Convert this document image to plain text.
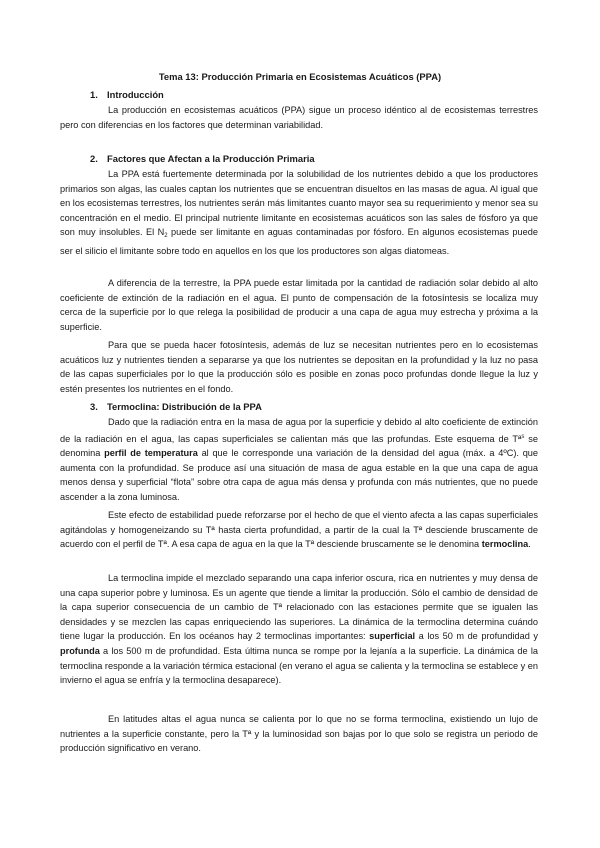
Tema 13: Producción Primaria en Ecosistemas Acuáticos (PPA)
1. Introducción
La producción en ecosistemas acuáticos (PPA) sigue un proceso idéntico al de ecosistemas terrestres pero con diferencias en los factores que determinan variabilidad.
2. Factores que Afectan a la Producción Primaria
La PPA está fuertemente determinada por la solubilidad de los nutrientes debido a que los productores primarios son algas, las cuales captan los nutrientes que se encuentran disueltos en las masas de agua. Al igual que en los ecosistemas terrestres, los nutrientes serán más limitantes cuanto mayor sea su requerimiento y menor sea su concentración en el medio. El principal nutriente limitante en ecosistemas acuáticos son las sales de fósforo ya que son muy insolubles. El $N_2$ puede ser limitante en aguas contaminadas por fósforo. En algunos ecosistemas puede ser el silicio el limitante sobre todo en aquellos en los que los productores son algas diatomeas.
A diferencia de la terrestre, la PPA puede estar limitada por la cantidad de radiación solar debido al alto coeficiente de extinción de la radiación en el agua. El punto de compensación de la fotosíntesis se localiza muy cerca de la superficie por lo que relega la posibilidad de producir a una capa de agua muy estrecha y próxima a la superficie.
Para que se pueda hacer fotosíntesis, además de luz se necesitan nutrientes pero en lo ecosistemas acuáticos luz y nutrientes tienden a separarse ya que los nutrientes se depositan en la profundidad y la luz no pasa de las capas superficiales por lo que la producción sólo es posible en zonas poco profundas donde llegue la luz y estén presentes los nutrientes en el fondo.
3. Termoclina: Distribución de la PPA
Dado que la radiación entra en la masa de agua por la superficie y debido al alto coeficiente de extinción de la radiación en el agua, las capas superficiales se calientan más que las profundas. Este esquema de Tª$^s$ se denomina perfil de temperatura al que le corresponde una variación de la densidad del agua (máx. a 4ºC). que aumenta con la profundidad. Se produce así una situación de masa de agua estable en la que una capa de agua menos densa y superficial “flota” sobre otra capa de agua más densa y profunda con más nutrientes, que no puede ascender a la zona luminosa.
Este efecto de estabilidad puede reforzarse por el hecho de que el viento afecta a las capas superficiales agitándolas y homogeneizando su Tª hasta cierta profundidad, a partir de la cual la Tª desciende bruscamente de acuerdo con el perfil de Tª. A esa capa de agua en la que la Tª desciende bruscamente se le denomina termoclina.
La termoclina impide el mezclado separando una capa inferior oscura, rica en nutrientes y muy densa de una capa superior pobre y luminosa. Es un agente que tiende a limitar la producción. Sólo el cambio de densidad de la capa superior consecuencia de un cambio de Tª relacionado con las estaciones permite que se igualen las densidades y se mezclen las capas enriqueciendo las superiores. La dinámica de la termoclina determina cuándo tiene lugar la producción. En los océanos hay 2 termoclinas importantes: superficial a los 50 m de profundidad y profunda a los 500 m de profundidad. Esta última nunca se rompe por la lejanía a la superficie. La dinámica de la termoclina responde a la variación térmica estacional (en verano el agua se calienta y la termoclina se establece y en invierno el agua se enfría y la termoclina desaparece).
En latitudes altas el agua nunca se calienta por lo que no se forma termoclina, existiendo un lujo de nutrientes a la superficie constante, pero la Tª y la luminosidad son bajas por lo que solo se registra un periodo de producción significativo en verano.
